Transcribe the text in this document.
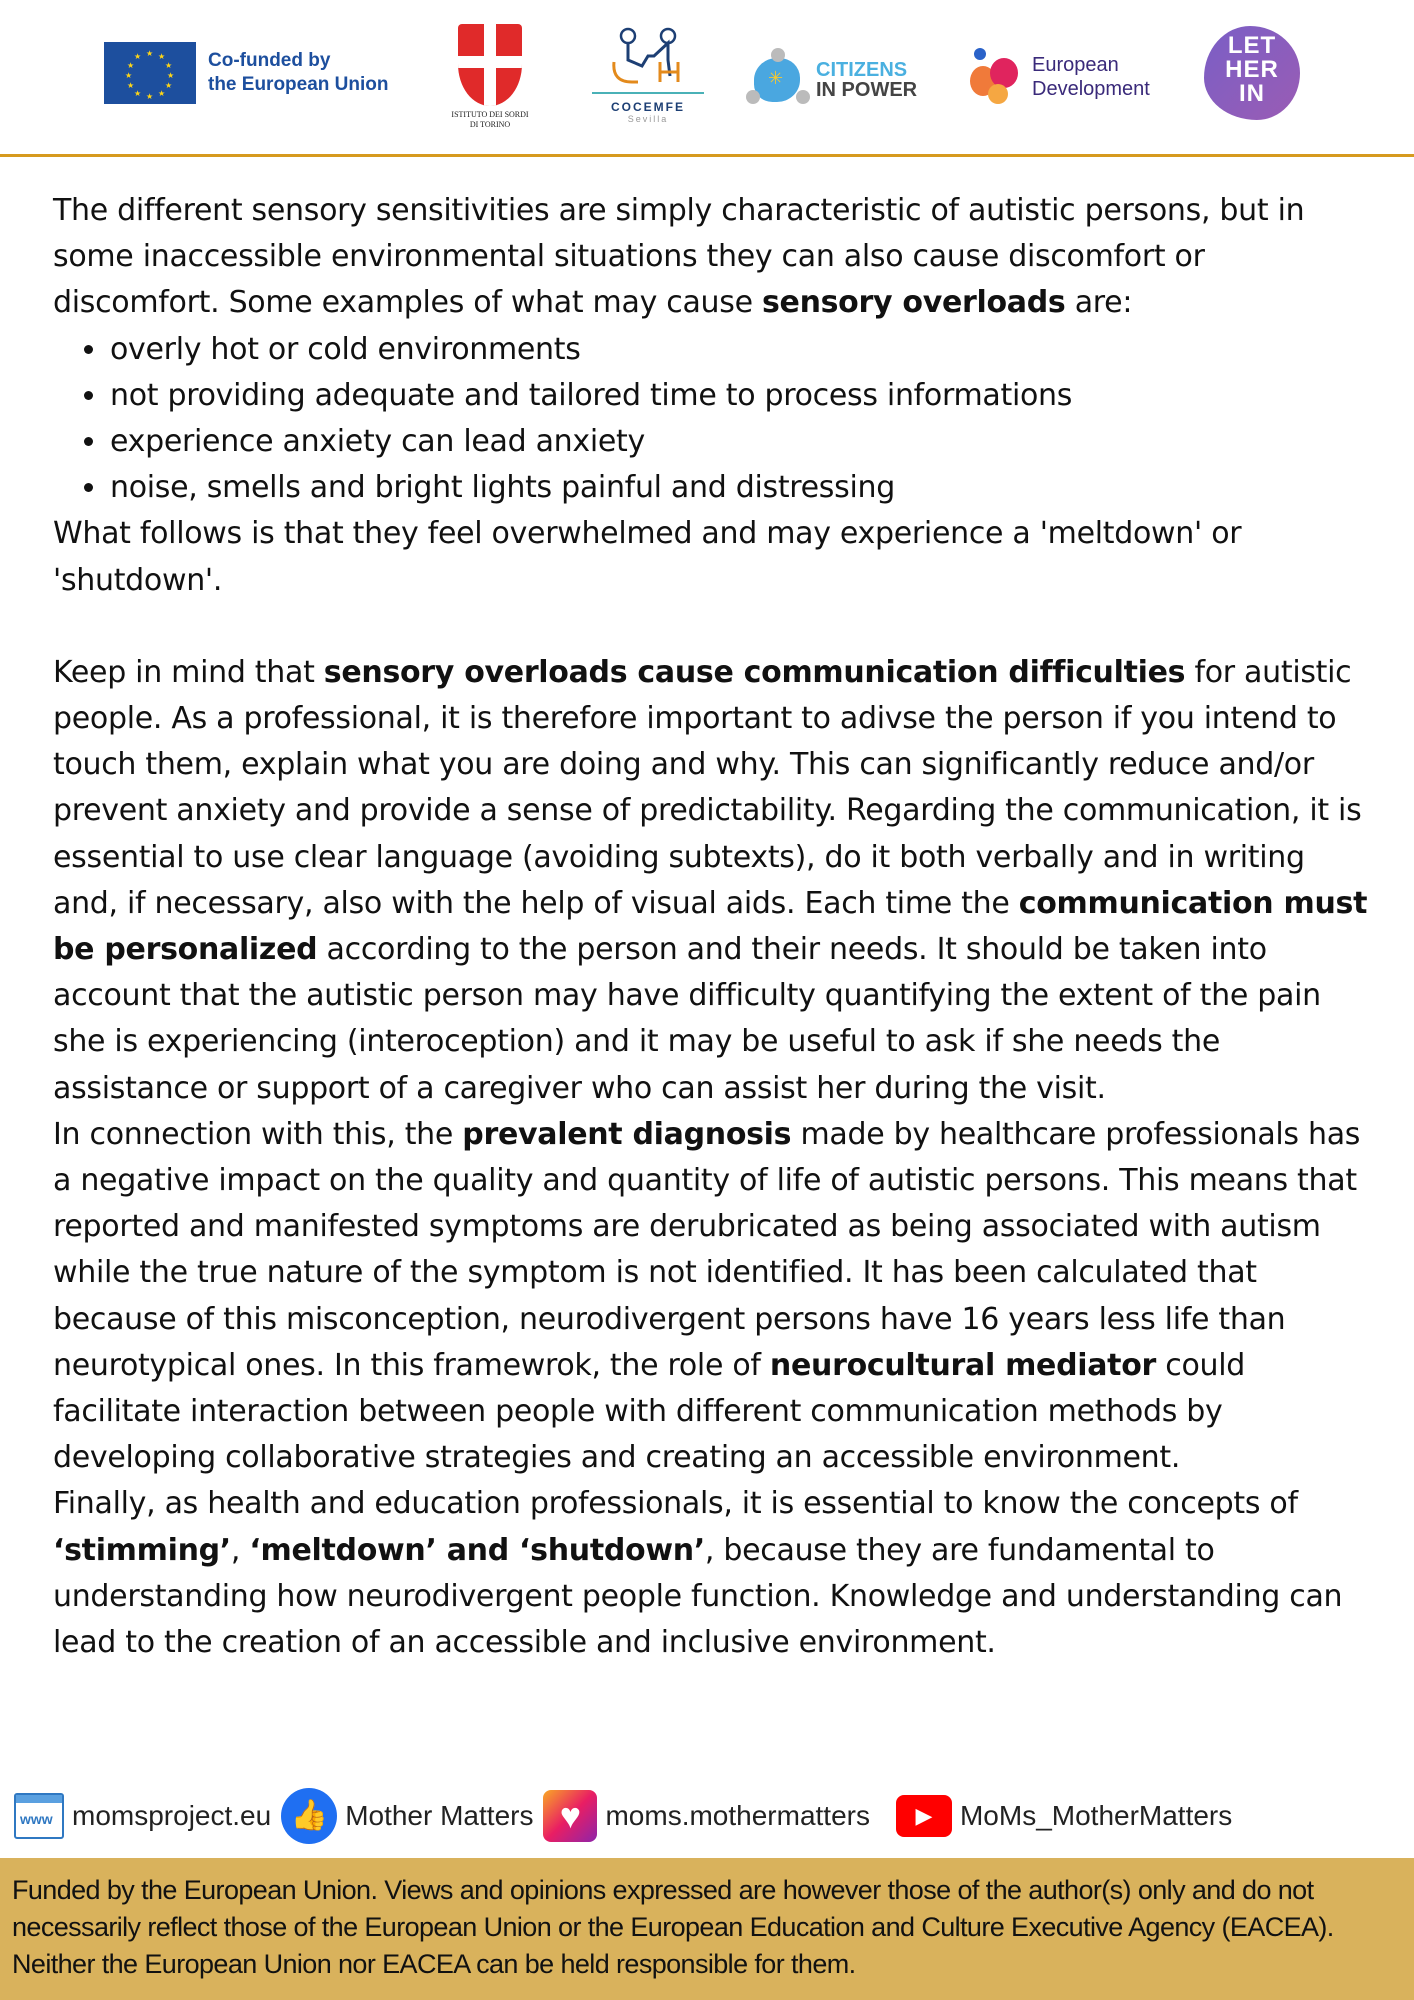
★ ★
★
★
★
★
★
★
★
★
★
★	Co-funded by
the European Union
ISTITUTO DEI SORDI
DI TORINO
COCEMFE
Sevilla
✳ CITIZENS
IN POWER
European
Development
LET
HER
IN

The different sensory sensitivities are simply characteristic of autistic persons, but in some inaccessible environmental situations they can also cause discomfort or discomfort. Some examples of what may cause sensory overloads are:

• overly hot or cold environments
• not providing adequate and tailored time to process informations
• experience anxiety can lead anxiety
• noise, smells and bright lights painful and distressing

What follows is that they feel overwhelmed and may experience a 'meltdown' or 'shutdown'.

Keep in mind that sensory overloads cause communication difficulties for autistic people. As a professional, it is therefore important to adivse the person if you intend to touch them, explain what you are doing and why. This can significantly reduce and/or prevent anxiety and provide a sense of predictability. Regarding the communication, it is essential to use clear language (avoiding subtexts), do it both verbally and in writing and, if necessary, also with the help of visual aids. Each time the communication must be personalized according to the person and their needs. It should be taken into account that the autistic person may have difficulty quantifying the extent of the pain she is experiencing (interoception) and it may be useful to ask if she needs the assistance or support of a caregiver who can assist her during the visit.

In connection with this, the prevalent diagnosis made by healthcare professionals has a negative impact on the quality and quantity of life of autistic persons. This means that reported and manifested symptoms are derubricated as being associated with autism while the true nature of the symptom is not identified. It has been calculated that because of this misconception, neurodivergent persons have 16 years less life than neurotypical ones. In this framewrok, the role of neurocultural mediator could facilitate interaction between people with different communication methods by developing collaborative strategies and creating an accessible environment.

Finally, as health and education professionals, it is essential to know the concepts of ‘stimming’, ‘meltdown’ and ‘shutdown’, because they are fundamental to understanding how neurodivergent people function. Knowledge and understanding can lead to the creation of an accessible and inclusive environment.

www momsproject.eu 👍 Mother Matters ♥ moms.mothermatters	▶ MoMs_MotherMatters
Funded by the European Union. Views and opinions expressed are however those of the author(s) only and do not necessarily reflect those of the European Union or the European Education and Culture Executive Agency (EACEA). Neither the European Union nor EACEA can be held responsible for them.
